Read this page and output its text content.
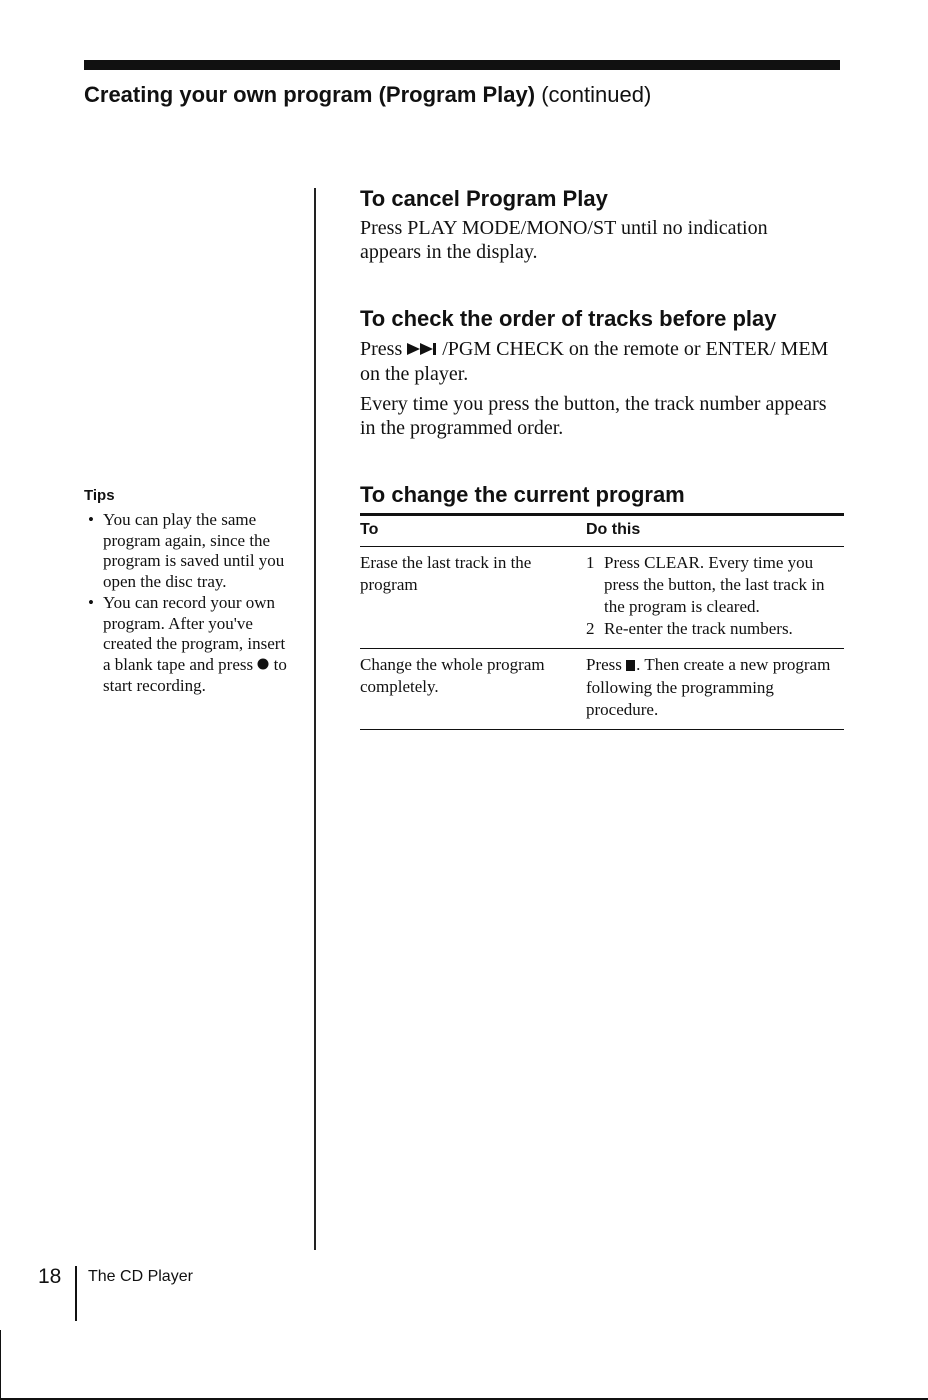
Creating your own program (Program Play) (continued)
To cancel Program Play
Press PLAY MODE/MONO/ST until no indication appears in the display.
To check the order of tracks before play
Press /PGM CHECK on the remote or ENTER/ MEM on the player.
Every time you press the button, the track number appears in the programmed order.
To change the current program
To	Do this
Erase the last track in the program	1 Press CLEAR. Every time you press the button, the last track in the program is cleared.
2 Re-enter the track numbers.

Change the whole program completely.	Press . Then create a new program following the programming procedure.
Tips
• You can play the same program again, since the program is saved until you open the disc tray.
• You can record your own program. After you've created the program, insert a blank tape and press to start recording.
18 The CD Player
